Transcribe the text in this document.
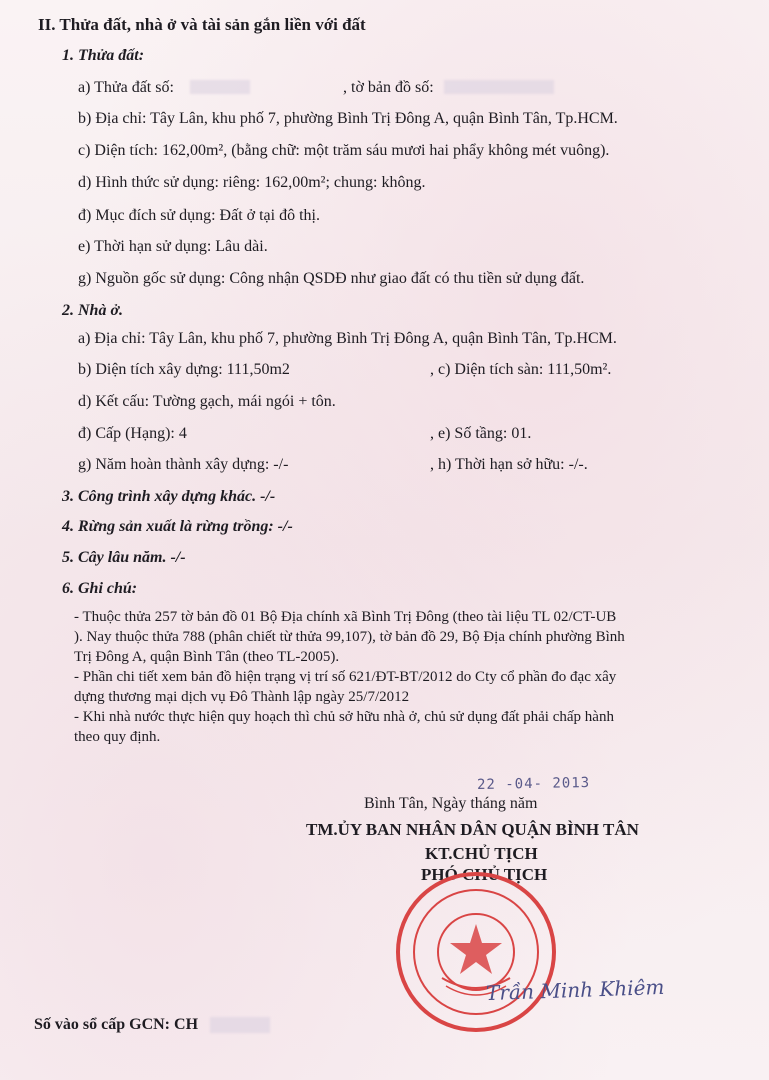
II. Thửa đất, nhà ở và tài sản gắn liền với đất
1. Thửa đất:
a) Thửa đất số:	, tờ bản đồ số:
b) Địa chỉ: Tây Lân, khu phố 7, phường Bình Trị Đông A, quận Bình Tân, Tp.HCM.
c) Diện tích: 162,00m², (bằng chữ: một trăm sáu mươi hai phẩy không mét vuông).
d) Hình thức sử dụng: riêng: 162,00m²; chung: không.
đ) Mục đích sử dụng: Đất ở tại đô thị.
e) Thời hạn sử dụng: Lâu dài.
g) Nguồn gốc sử dụng: Công nhận QSDĐ như giao đất có thu tiền sử dụng đất.
2. Nhà ở.
a) Địa chỉ: Tây Lân, khu phố 7, phường Bình Trị Đông A, quận Bình Tân, Tp.HCM.
b) Diện tích xây dựng: 111,50m2	, c) Diện tích sàn: 111,50m².
d) Kết cấu: Tường gạch, mái ngói + tôn.
đ) Cấp (Hạng): 4	, e) Số tầng: 01.
g) Năm hoàn thành xây dựng: -/-	, h) Thời hạn sở hữu: -/-.
3. Công trình xây dựng khác. -/-
4. Rừng sản xuất là rừng trồng: -/-
5. Cây lâu năm. -/-
6. Ghi chú:
- Thuộc thửa 257 tờ bản đồ 01 Bộ Địa chính xã Bình Trị Đông (theo tài liệu TL 02/CT-UB
). Nay thuộc thửa 788 (phân chiết từ thửa 99,107), tờ bản đồ 29, Bộ Địa chính phường Bình
Trị Đông A, quận Bình Tân (theo TL-2005).
- Phần chi tiết xem bản đồ hiện trạng vị trí số 621/ĐT-BT/2012 do Cty cổ phần đo đạc xây
dựng thương mại dịch vụ Đô Thành lập ngày 25/7/2012
- Khi nhà nước thực hiện quy hoạch thì chủ sở hữu nhà ở, chủ sử dụng đất phải chấp hành
theo quy định.
22 -04- 2013
Bình Tân, Ngày tháng năm
TM.ỦY BAN NHÂN DÂN QUẬN BÌNH TÂN
KT.CHỦ TỊCH
PHÓ CHỦ TỊCH
Trần Minh Khiêm
Số vào sổ cấp GCN: CH
